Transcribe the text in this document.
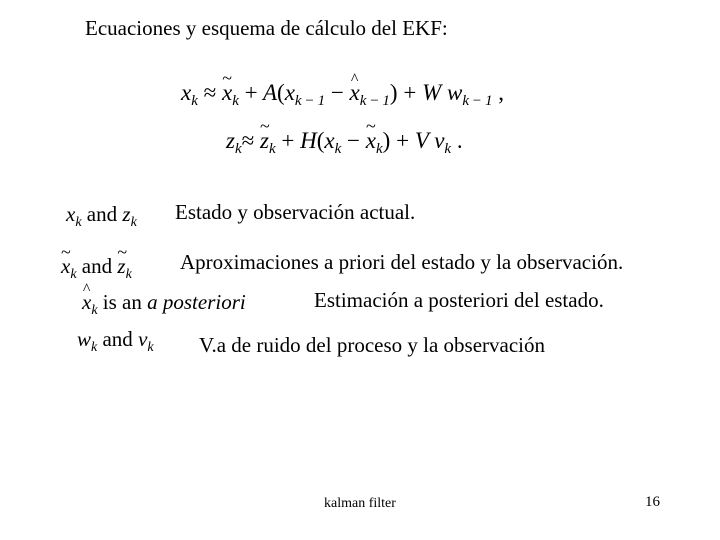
Ecuaciones y esquema de cálculo del EKF:
$x_k$ ≈ ~ $x_k + A(x_{k - 1}$ − ^ $x_{k - 1}) + W$ $w_{k - 1}$ ,
$z_k\approx$ ~ $z_k + H(x_k$ − ~ $x_k) + V$ $v_k$ .
$x_k$ and $z_k$ Estado y observación actual.
~ $x_k$ and ~ $z_k$
Aproximaciones a priori del estado y la observación.
^ $x_k$ is an a posteriori	Estimación a posteriori del estado.
$w_k$ and $v_k$ V.a de ruido del proceso y la observación
kalman filter	16
